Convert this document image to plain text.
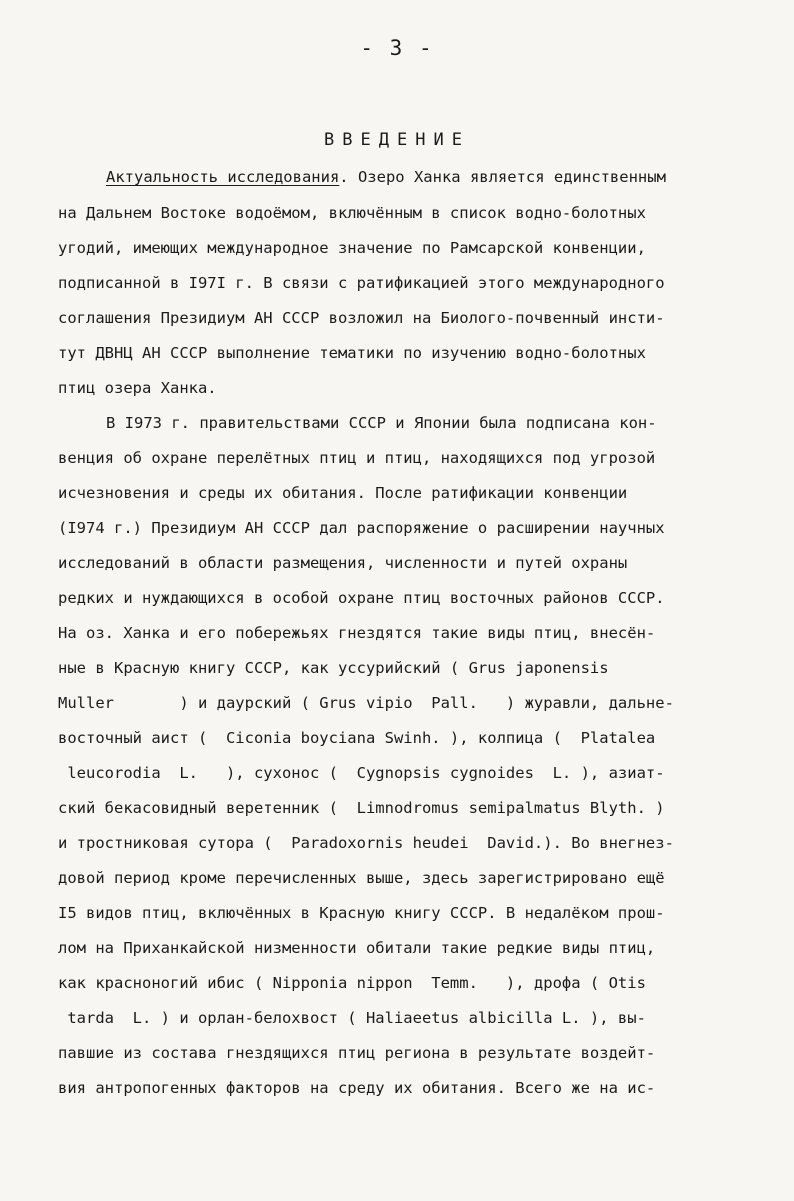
- 3 -
ВВЕДЕНИЕ
Актуальность исследования. Озеро Ханка является единственным
на Дальнем Востоке водоёмом, включённым в список водно-болотных
угодий, имеющих международное значение по Рамсарской конвенции,
подписанной в I97I г. В связи с ратификацией этого международного
соглашения Президиум АН СССР возложил на Биолого-почвенный инсти-
тут ДВНЦ АН СССР выполнение тематики по изучению водно-болотных
птиц озера Ханка.
В I973 г. правительствами СССР и Японии была подписана кон-
венция об охране перелётных птиц и птиц, находящихся под угрозой
исчезновения и среды их обитания. После ратификации конвенции
(I974 г.) Президиум АН СССР дал распоряжение о расширении научных
исследований в области размещения, численности и путей охраны
редких и нуждающихся в особой охране птиц восточных районов СССР.
На оз. Ханка и его побережьях гнездятся такие виды птиц, внесён-
ные в Красную книгу СССР, как уссурийский ( Grus japonensis
Muller       ) и даурский ( Grus vipio  Pall.   ) журавли, дальне-
восточный аист (  Ciconia boyciana Swinh. ), колпица (  Platalea
leucorodia  L.   ), сухонос (  Cygnopsis cygnoides  L. ), азиат-
ский бекасовидный веретенник (  Limnodromus semipalmatus Blyth. )
и тростниковая сутора (  Paradoxornis heudei  David.). Во внегнез-
довой период кроме перечисленных выше, здесь зарегистрировано ещё
I5 видов птиц, включённых в Красную книгу СССР. В недалёком прош-
лом на Приханкайской низменности обитали такие редкие виды птиц,
как красноногий ибис ( Nipponia nippon  Temm.   ), дрофа ( Otis
tarda  L. ) и орлан-белохвост ( Haliaeetus albicilla L. ), вы-
павшие из состава гнездящихся птиц региона в результате воздейт-
вия антропогенных факторов на среду их обитания. Всего же на ис-
